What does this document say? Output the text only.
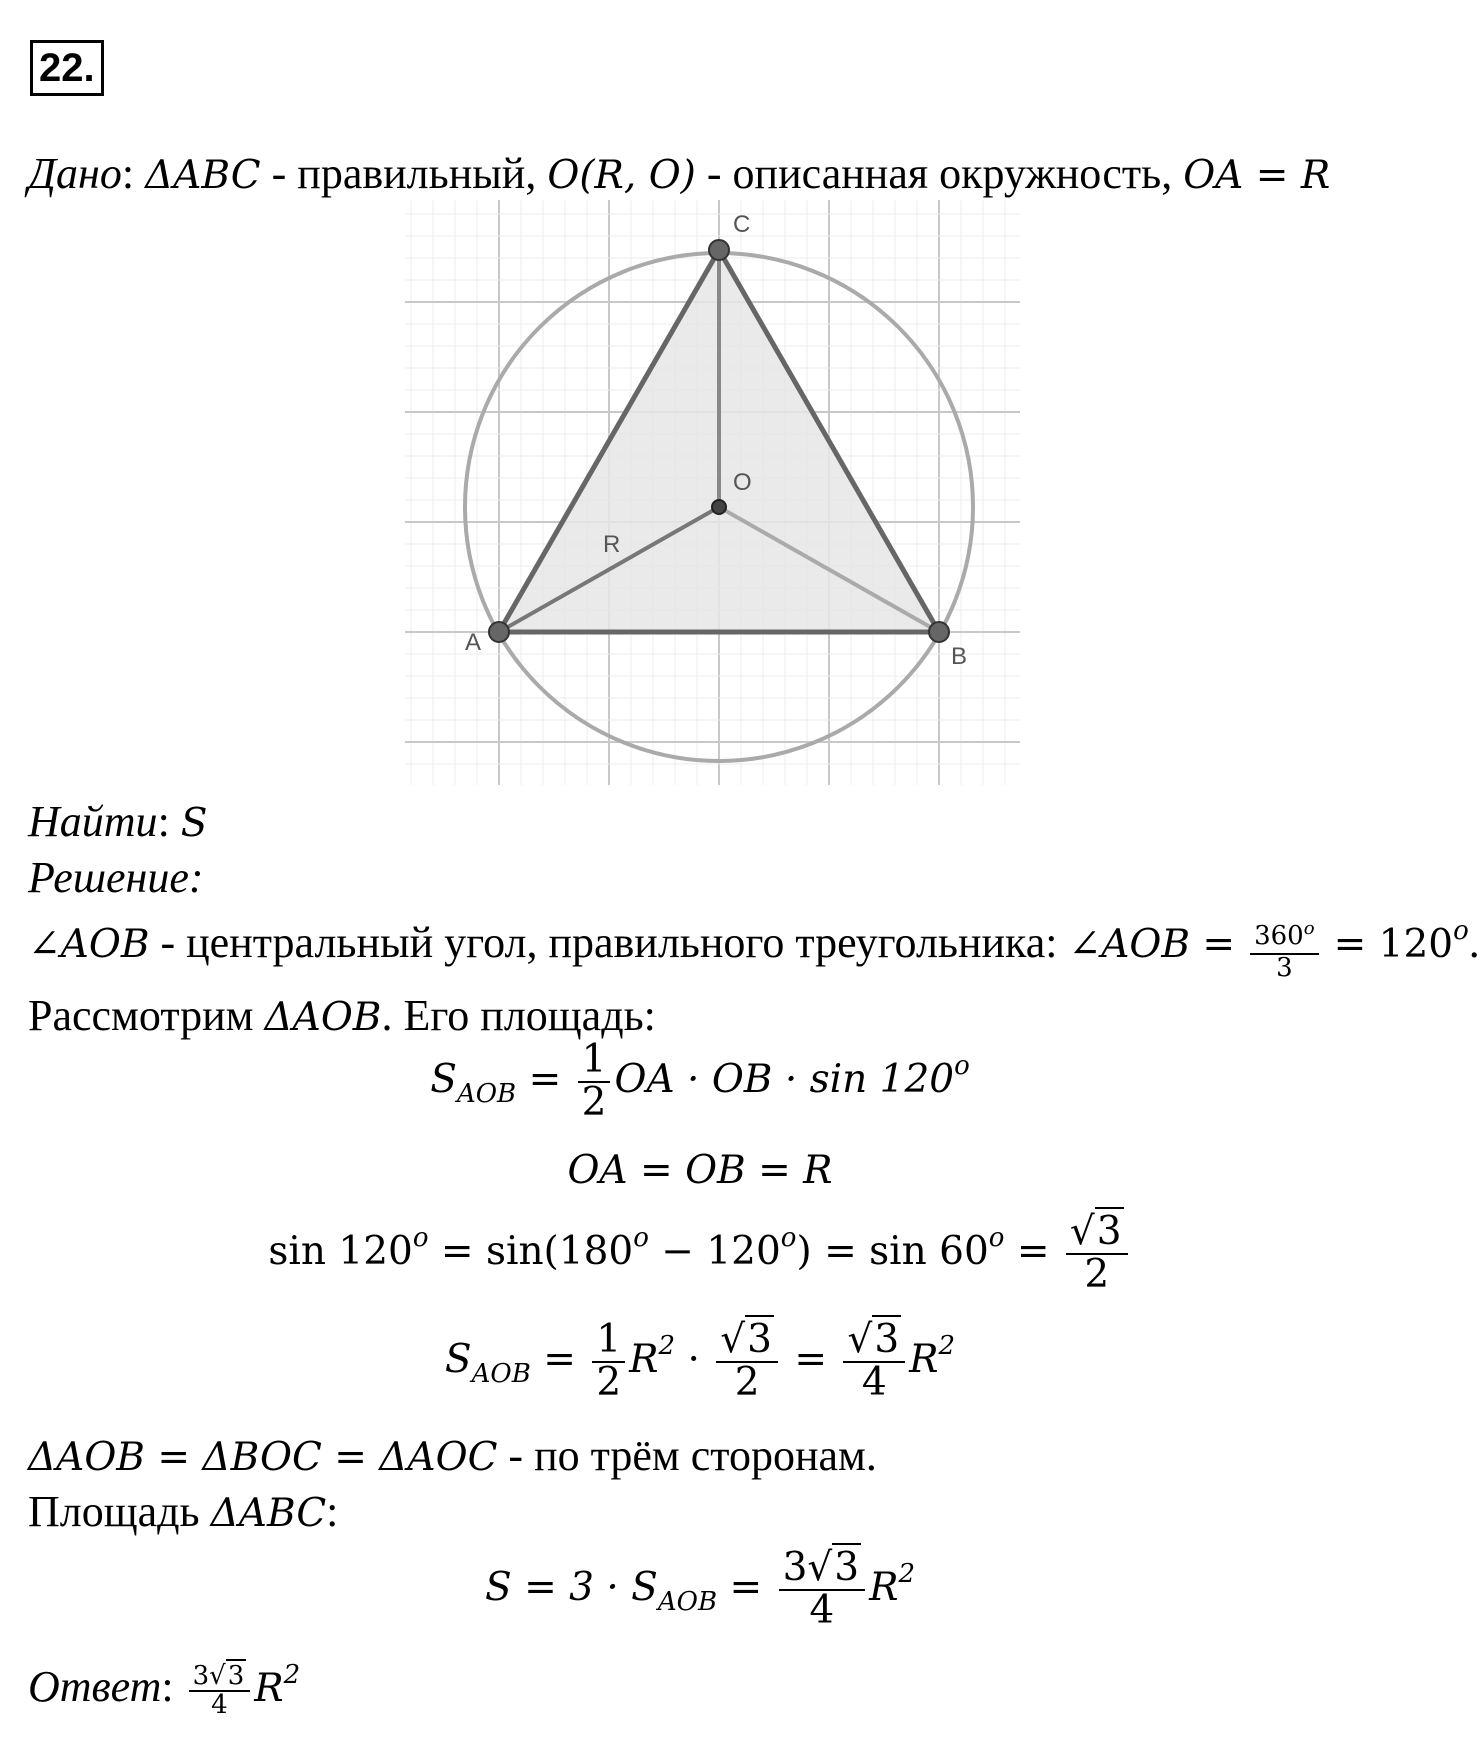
22.
Дано: ΔABC - правильный, O(R, O) - описанная окружность, OA = R
C
O
A
B
R
Найти: S
Решение:
∠AOB - центральный угол, правильного треугольника: ∠AOB = $\frac{360^o}{3} = 120^o$.
Рассмотрим ΔAOB. Его площадь:
$S_{AOB} = \frac{1}{2}$ OA · OB · sin 120$^o$
OA = OB = R
$\sin 120^o = \sin(180^o - 120^o) = \sin 60^o = \frac{√3}{2}$
$S_{AOB} = \frac{1}{2} R^2 \cdot \frac{√3}{2} = \frac{√3}{4} R^2$
ΔAOB = ΔBOC = ΔAOC - по трём сторонам.
Площадь ΔABC:
$S = 3 \cdot S_{AOB} = \frac{3√3}{4} R^2$
Ответ: $\frac{3√3}{4} R^2$
